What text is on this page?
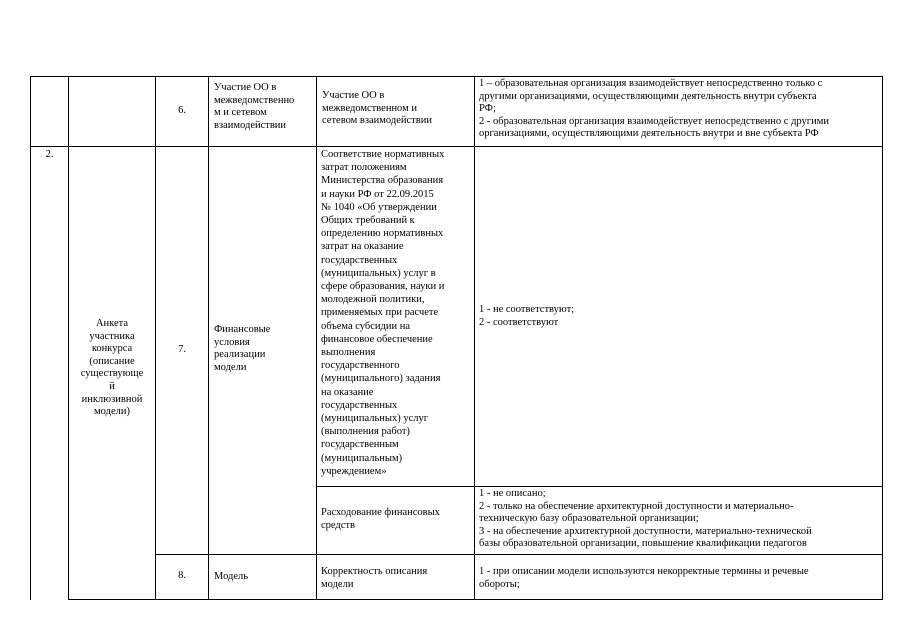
6.
Участие ОО в
межведомственно
м и сетевом
взаимодействии
Участие ОО в
межведомственном и
сетевом взаимодействии
1 – образовательная организация взаимодействует непосредственно только с
другими организациями, осуществляющими деятельность внутри субъекта
РФ;
2 - образовательная организация взаимодействует непосредственно с другими
организациями, осуществляющими деятельность внутри и вне субъекта РФ
2.
Анкета
участника
конкурса
(описание
существующе
й
инклюзивной
модели)
7.
Финансовые
условия
реализации
модели
Соответствие нормативных
затрат положениям
Министерства образования
и науки РФ от 22.09.2015
№ 1040 «Об утверждении
Общих требований к
определению нормативных
затрат на оказание
государственных
(муниципальных) услуг в
сфере образования, науки и
молодежной политики,
применяемых при расчете
объема субсидии на
финансовое обеспечение
выполнения
государственного
(муниципального) задания
на оказание
государственных
(муниципальных) услуг
(выполнения работ)
государственным
(муниципальным)
учреждением»
1 - не соответствуют;
2 - соответствуют
Расходование финансовых
средств
1 - не описано;
2 - только на обеспечение архитектурной доступности и материально-
техническую базу образовательной организации;
3 - на обеспечение архитектурной доступности, материально-технической
базы образовательной организации, повышение квалификации педагогов
8.	Модель	Корректность описания
модели
1 - при описании модели используются некорректные термины и речевые
обороты;
